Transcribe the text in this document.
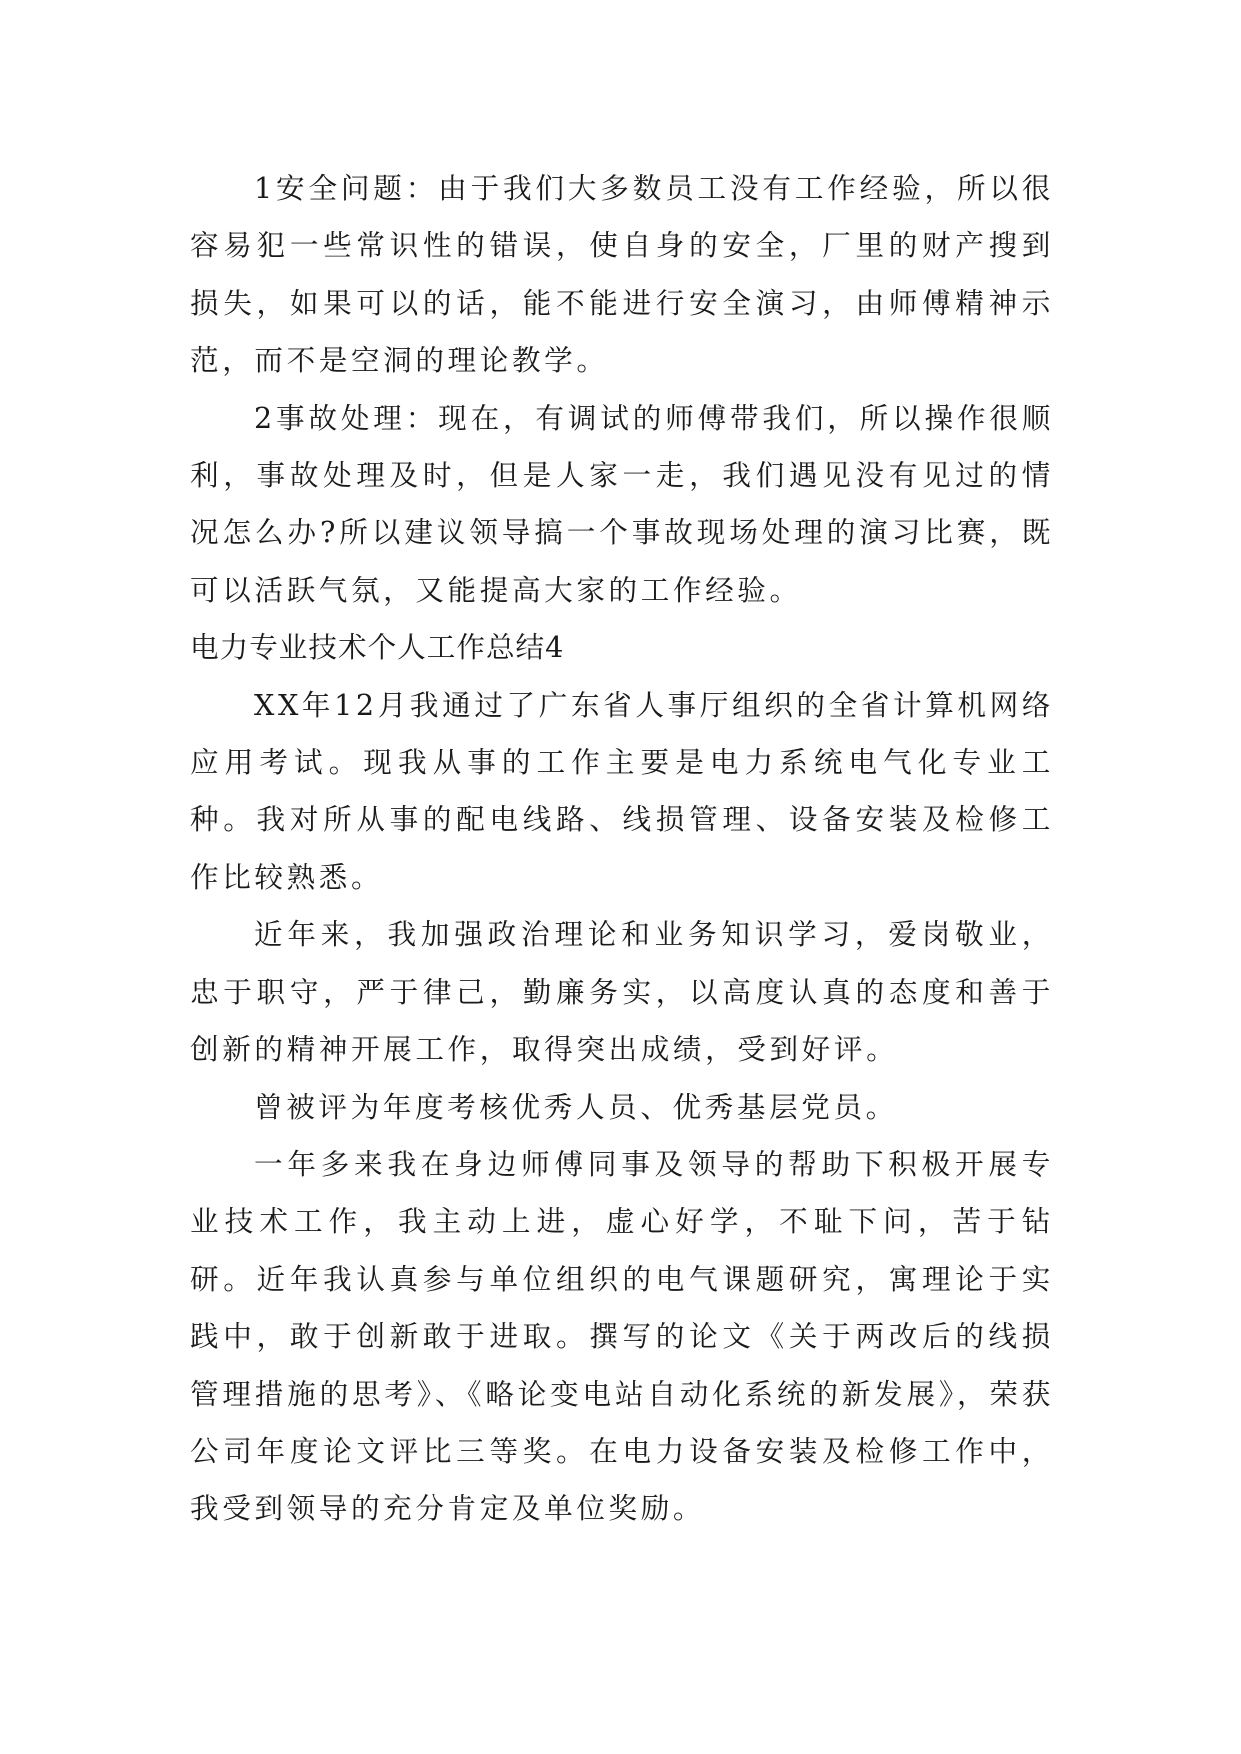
1安全问题：由于我们大多数员工没有工作经验，所以很容易犯一些常识性的错误，使自身的安全，厂里的财产搜到损失，如果可以的话，能不能进行安全演习，由师傅精神示范，而不是空洞的理论教学。

2事故处理：现在，有调试的师傅带我们，所以操作很顺利，事故处理及时，但是人家一走，我们遇见没有见过的情况怎么办?所以建议领导搞一个事故现场处理的演习比赛，既可以活跃气氛，又能提高大家的工作经验。

电力专业技术个人工作总结4

XX年12月我通过了广东省人事厅组织的全省计算机网络应用考试。现我从事的工作主要是电力系统电气化专业工种。我对所从事的配电线路、线损管理、设备安装及检修工作比较熟悉。

近年来，我加强政治理论和业务知识学习，爱岗敬业，忠于职守，严于律己，勤廉务实，以高度认真的态度和善于创新的精神开展工作，取得突出成绩，受到好评。

曾被评为年度考核优秀人员、优秀基层党员。

一年多来我在身边师傅同事及领导的帮助下积极开展专业技术工作，我主动上进，虚心好学，不耻下问，苦于钻研。近年我认真参与单位组织的电气课题研究，寓理论于实践中，敢于创新敢于进取。撰写的论文《关于两改后的线损管理措施的思考》、《略论变电站自动化系统的新发展》，荣获公司年度论文评比三等奖。在电力设备安装及检修工作中，我受到领导的充分肯定及单位奖励。
